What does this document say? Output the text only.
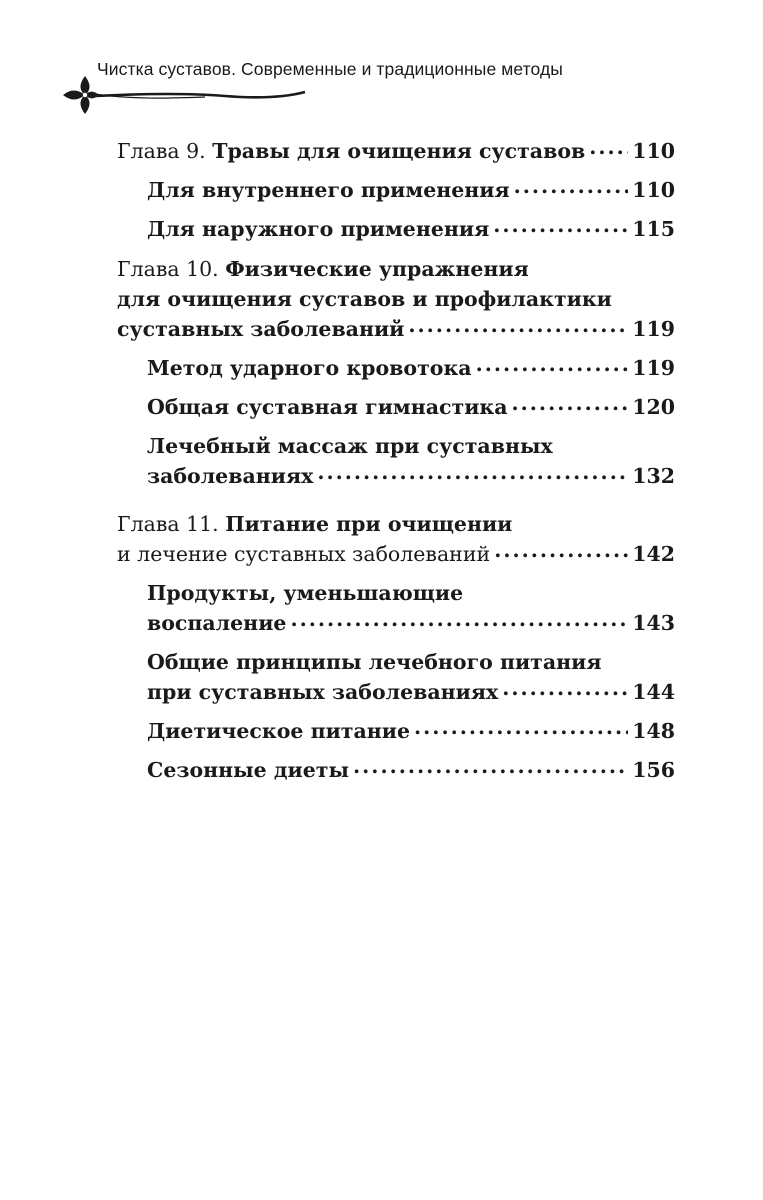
Чистка суставов. Современные и традиционные методы
Глава 9. Травы для очищения суставов ..... 110
Для внутреннего применения .....	110
Для наружного применения .....	115
Глава 10. Физические упражнения
для очищения суставов и профилактики
суставных заболеваний .....	119
Метод ударного кровотока .....	119
Общая суставная гимнастика .....	120
Лечебный массаж при суставных
заболеваниях .....	132
Глава 11. Питание при очищении
и лечение суставных заболеваний .....	142
Продукты, уменьшающие
воспаление .....	143
Общие принципы лечебного питания
при суставных заболеваниях .....	144
Диетическое питание .....	148
Сезонные диеты .....	156
